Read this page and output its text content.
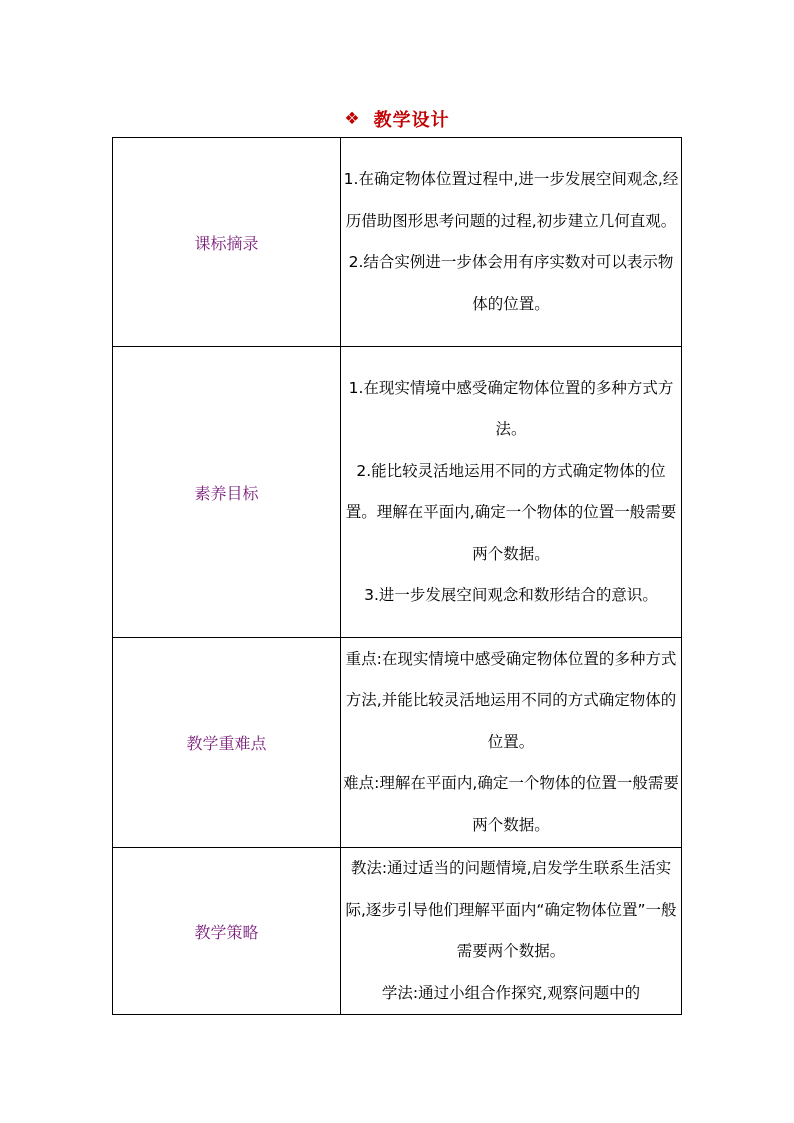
❖ 教学设计
课标摘录	1.在确定物体位置过程中,进一步发展空间观念,经历借助图形思考问题的过程,初步建立几何直观。

2.结合实例进一步体会用有序实数对可以表示物体的位置。

素养目标	1.在现实情境中感受确定物体位置的多种方式方法。

2.能比较灵活地运用不同的方式确定物体的位置。理解在平面内,确定一个物体的位置一般需要两个数据。

3.进一步发展空间观念和数形结合的意识。

教学重难点	重点:在现实情境中感受确定物体位置的多种方式方法,并能比较灵活地运用不同的方式确定物体的位置。

难点:理解在平面内,确定一个物体的位置一般需要两个数据。

教学策略	教法:通过适当的问题情境,启发学生联系生活实际,逐步引导他们理解平面内“确定物体位置”一般需要两个数据。

学法:通过小组合作探究,观察问题中的
